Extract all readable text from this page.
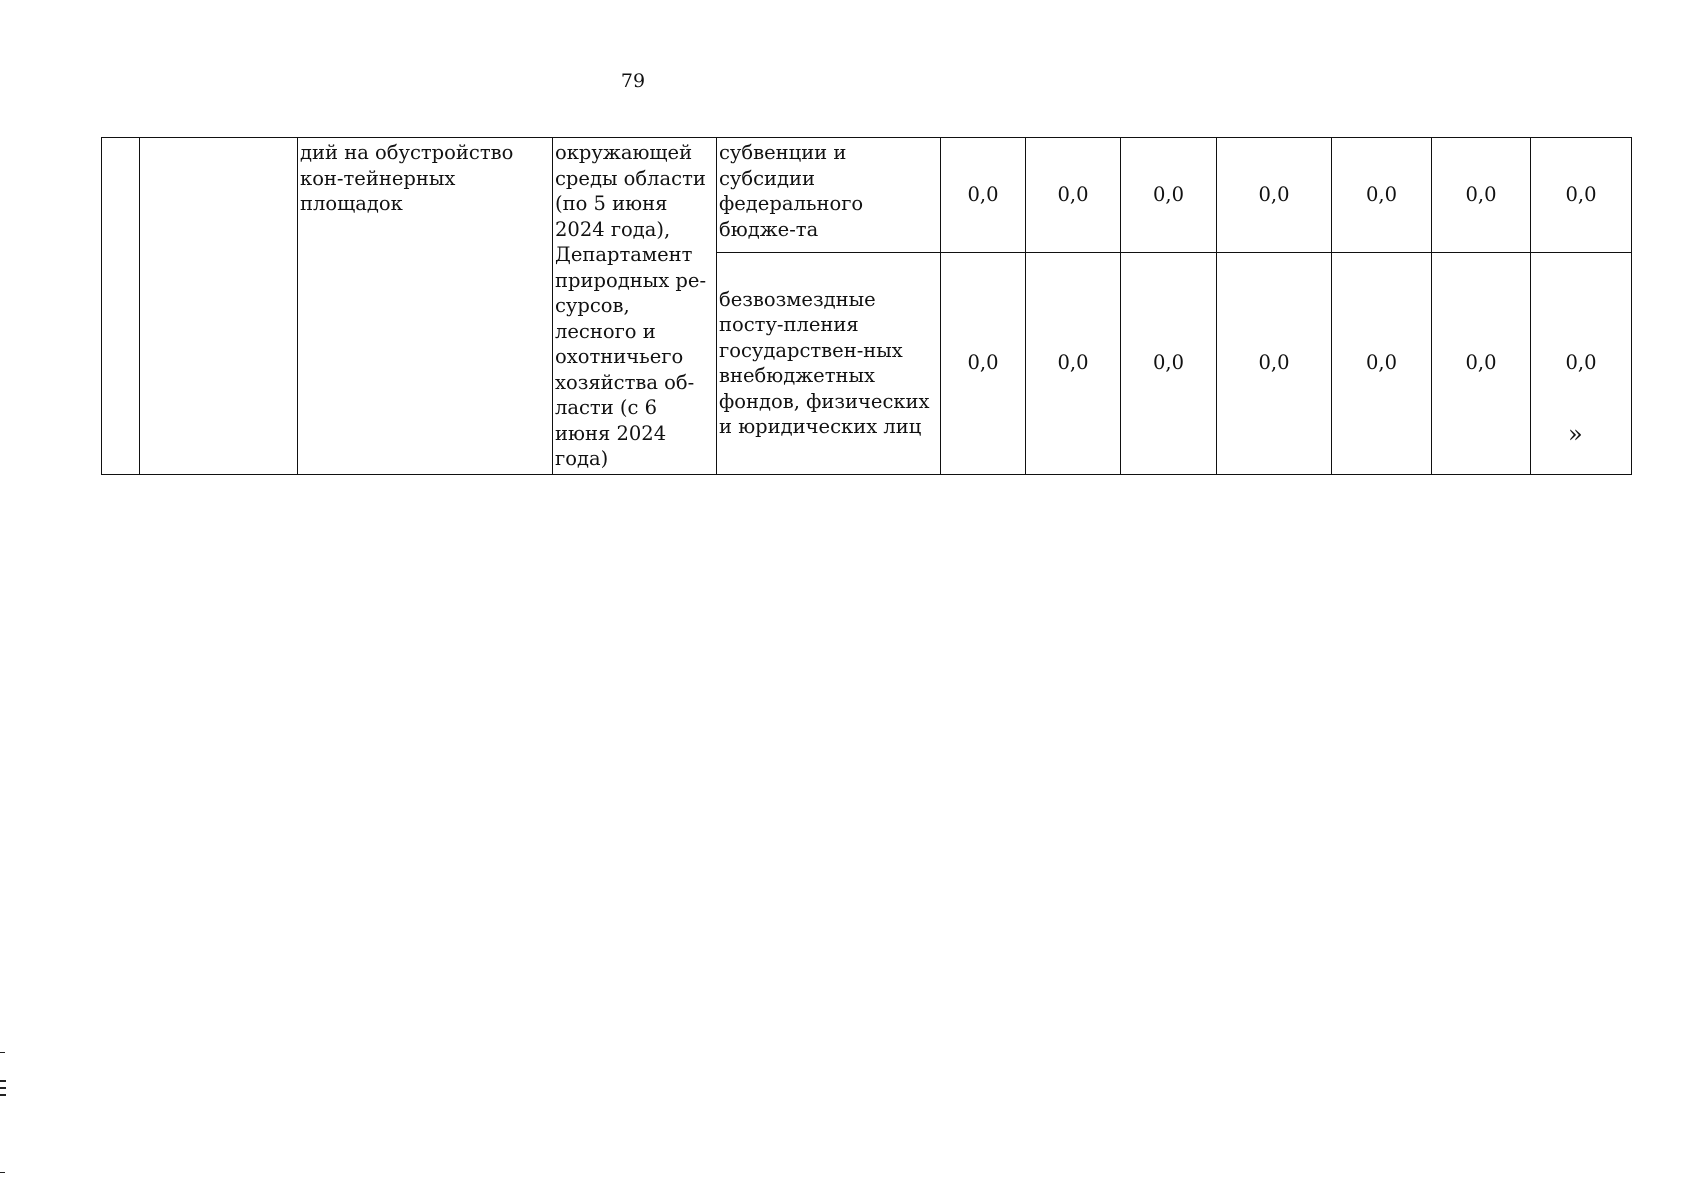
79
		дий на обустройство кон-тейнерных площадок	окружающей среды области (по 5 июня 2024 года), Департамент природных ре-сурсов, лесного и охотничьего хозяйства об-ласти (с 6 июня 2024 года)	субвенции и субсидии федерального бюдже-та	0,0	0,0	0,0	0,0	0,0	0,0	0,0
				безвозмездные посту-пления государствен-ных внебюджетных фондов, физических и юридических лиц	0,0	0,0	0,0	0,0	0,0	0,0	0,0
»
